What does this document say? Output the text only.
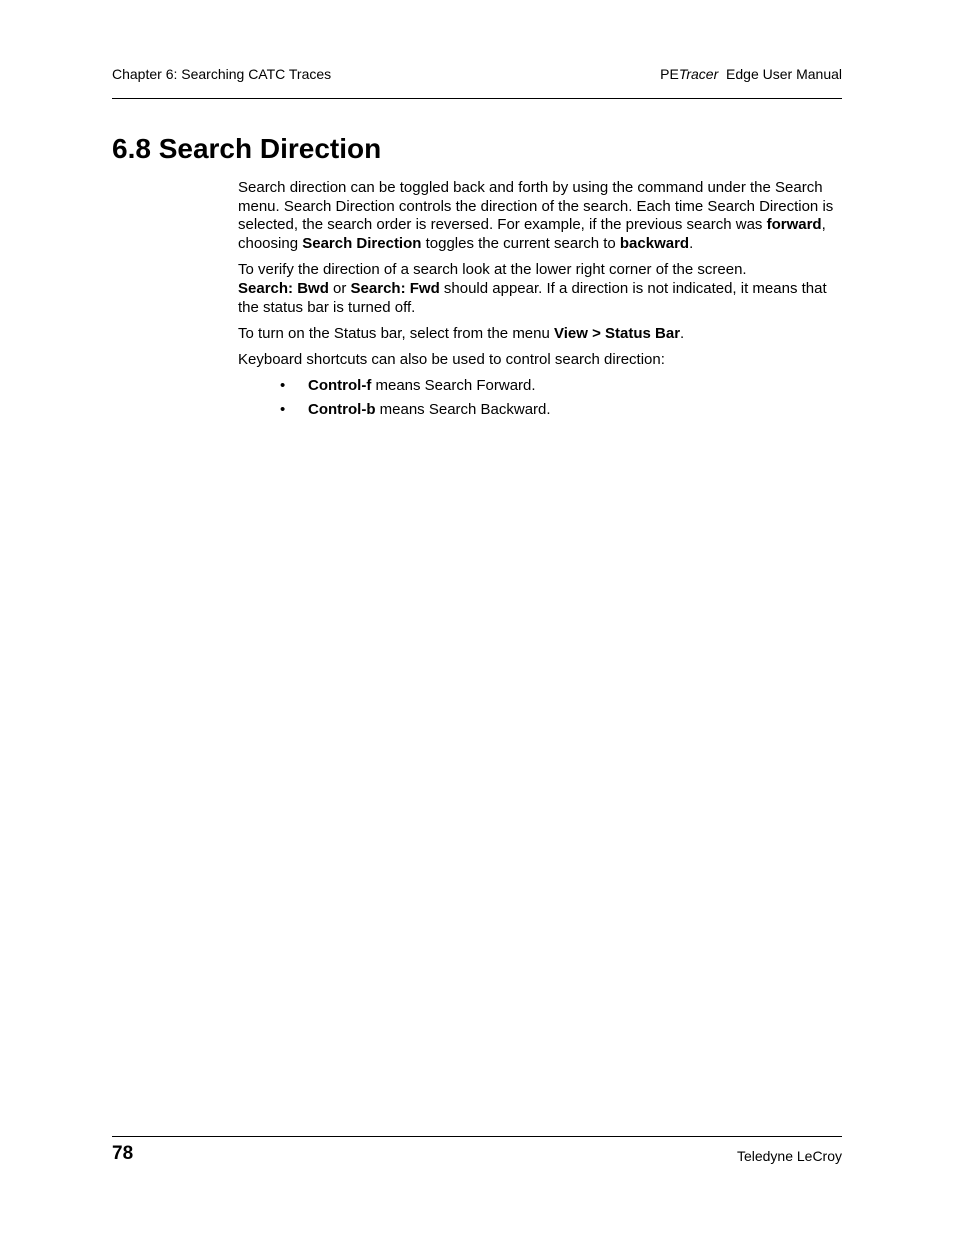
Chapter 6: Searching CATC Traces	PETracer Edge User Manual
6.8 Search Direction

Search direction can be toggled back and forth by using the command under the Search menu. Search Direction controls the direction of the search. Each time Search Direction is selected, the search order is reversed. For example, if the previous search was forward, choosing Search Direction toggles the current search to backward.

To verify the direction of a search look at the lower right corner of the screen.
Search: Bwd or Search: Fwd should appear. If a direction is not indicated, it means that the status bar is turned off.

To turn on the Status bar, select from the menu View > Status Bar.

Keyboard shortcuts can also be used to control search direction:

• Control-f means Search Forward.
• Control-b means Search Backward.
78	Teledyne LeCroy
